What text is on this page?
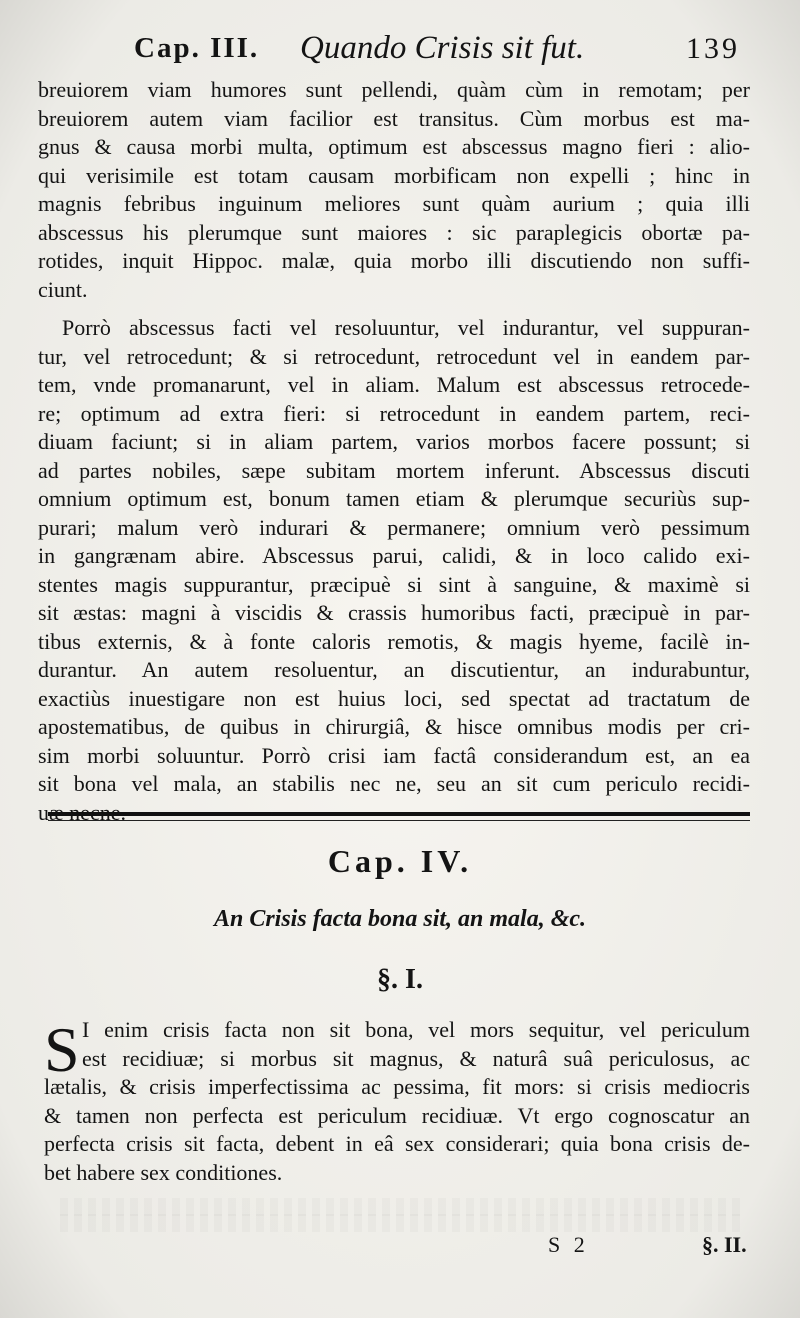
Cap. III. Quando Crisis sit fut.	139
breuiorem viam humores sunt pellendi, quàm cùm in remotam; per
breuiorem autem viam facilior est transitus. Cùm morbus est ma-
gnus & causa morbi multa, optimum est abscessus magno fieri : alio-
qui verisimile est totam causam morbificam non expelli ; hinc in
magnis febribus inguinum meliores sunt quàm aurium ; quia illi
abscessus his plerumque sunt maiores : sic paraplegicis obortæ pa-
rotides, inquit Hippoc. malæ, quia morbo illi discutiendo non suffi-
ciunt.
Porrò abscessus facti vel resoluuntur, vel indurantur, vel suppuran-
tur, vel retrocedunt; & si retrocedunt, retrocedunt vel in eandem par-
tem, vnde promanarunt, vel in aliam. Malum est abscessus retrocede-
re; optimum ad extra fieri: si retrocedunt in eandem partem, reci-
diuam faciunt; si in aliam partem, varios morbos facere possunt; si
ad partes nobiles, sæpe subitam mortem inferunt. Abscessus discuti
omnium optimum est, bonum tamen etiam & plerumque securiùs sup-
purari; malum verò indurari & permanere; omnium verò pessimum
in gangrænam abire. Abscessus parui, calidi, & in loco calido exi-
stentes magis suppurantur, præcipuè si sint à sanguine, & maximè si
sit æstas: magni à viscidis & crassis humoribus facti, præcipuè in par-
tibus externis, & à fonte caloris remotis, & magis hyeme, facilè in-
durantur. An autem resoluentur, an discutientur, an indurabuntur,
exactiùs inuestigare non est huius loci, sed spectat ad tractatum de
apostematibus, de quibus in chirurgiâ, & hisce omnibus modis per cri-
sim morbi soluuntur. Porrò crisi iam factâ considerandum est, an ea
sit bona vel mala, an stabilis nec ne, seu an sit cum periculo recidi-
uæ necne.
Cap. IV.
An Crisis facta bona sit, an mala, &c.
§. I.
S I enim crisis facta non sit bona, vel mors sequitur, vel periculum
est recidiuæ; si morbus sit magnus, & naturâ suâ periculosus, ac
lætalis, & crisis imperfectissima ac pessima, fit mors: si crisis mediocris
& tamen non perfecta est periculum recidiuæ. Vt ergo cognoscatur an
perfecta crisis sit facta, debent in eâ sex considerari; quia bona crisis de-
bet habere sex conditiones.
S 2	§. II.
